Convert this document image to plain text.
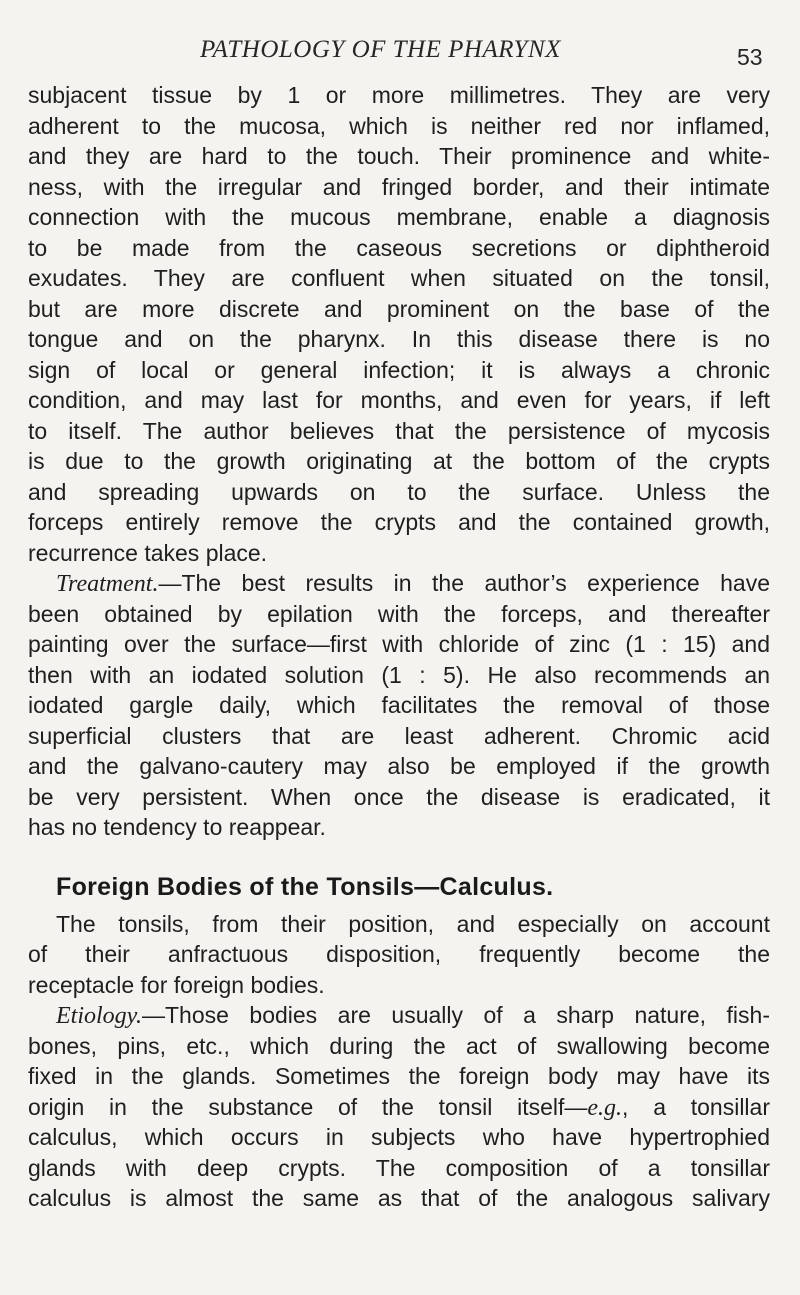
PATHOLOGY OF THE PHARYNX	53
subjacent tissue by 1 or more millimetres. They are very
adherent to the mucosa, which is neither red nor inflamed,
and they are hard to the touch. Their prominence and white-
ness, with the irregular and fringed border, and their intimate
connection with the mucous membrane, enable a diagnosis
to be made from the caseous secretions or diphtheroid
exudates. They are confluent when situated on the tonsil,
but are more discrete and prominent on the base of the
tongue and on the pharynx. In this disease there is no
sign of local or general infection; it is always a chronic
condition, and may last for months, and even for years, if left
to itself. The author believes that the persistence of mycosis
is due to the growth originating at the bottom of the crypts
and spreading upwards on to the surface. Unless the
forceps entirely remove the crypts and the contained growth,
recurrence takes place.
Treatment.—The best results in the author’s experience have
been obtained by epilation with the forceps, and thereafter
painting over the surface—first with chloride of zinc (1 : 15) and
then with an iodated solution (1 : 5). He also recommends an
iodated gargle daily, which facilitates the removal of those
superficial clusters that are least adherent. Chromic acid
and the galvano-cautery may also be employed if the growth
be very persistent. When once the disease is eradicated, it
has no tendency to reappear.
Foreign Bodies of the Tonsils—Calculus.
The tonsils, from their position, and especially on account
of their anfractuous disposition, frequently become the
receptacle for foreign bodies.
Etiology.—Those bodies are usually of a sharp nature, fish-
bones, pins, etc., which during the act of swallowing become
fixed in the glands. Sometimes the foreign body may have its
origin in the substance of the tonsil itself—e.g., a tonsillar
calculus, which occurs in subjects who have hypertrophied
glands with deep crypts. The composition of a tonsillar
calculus is almost the same as that of the analogous salivary
